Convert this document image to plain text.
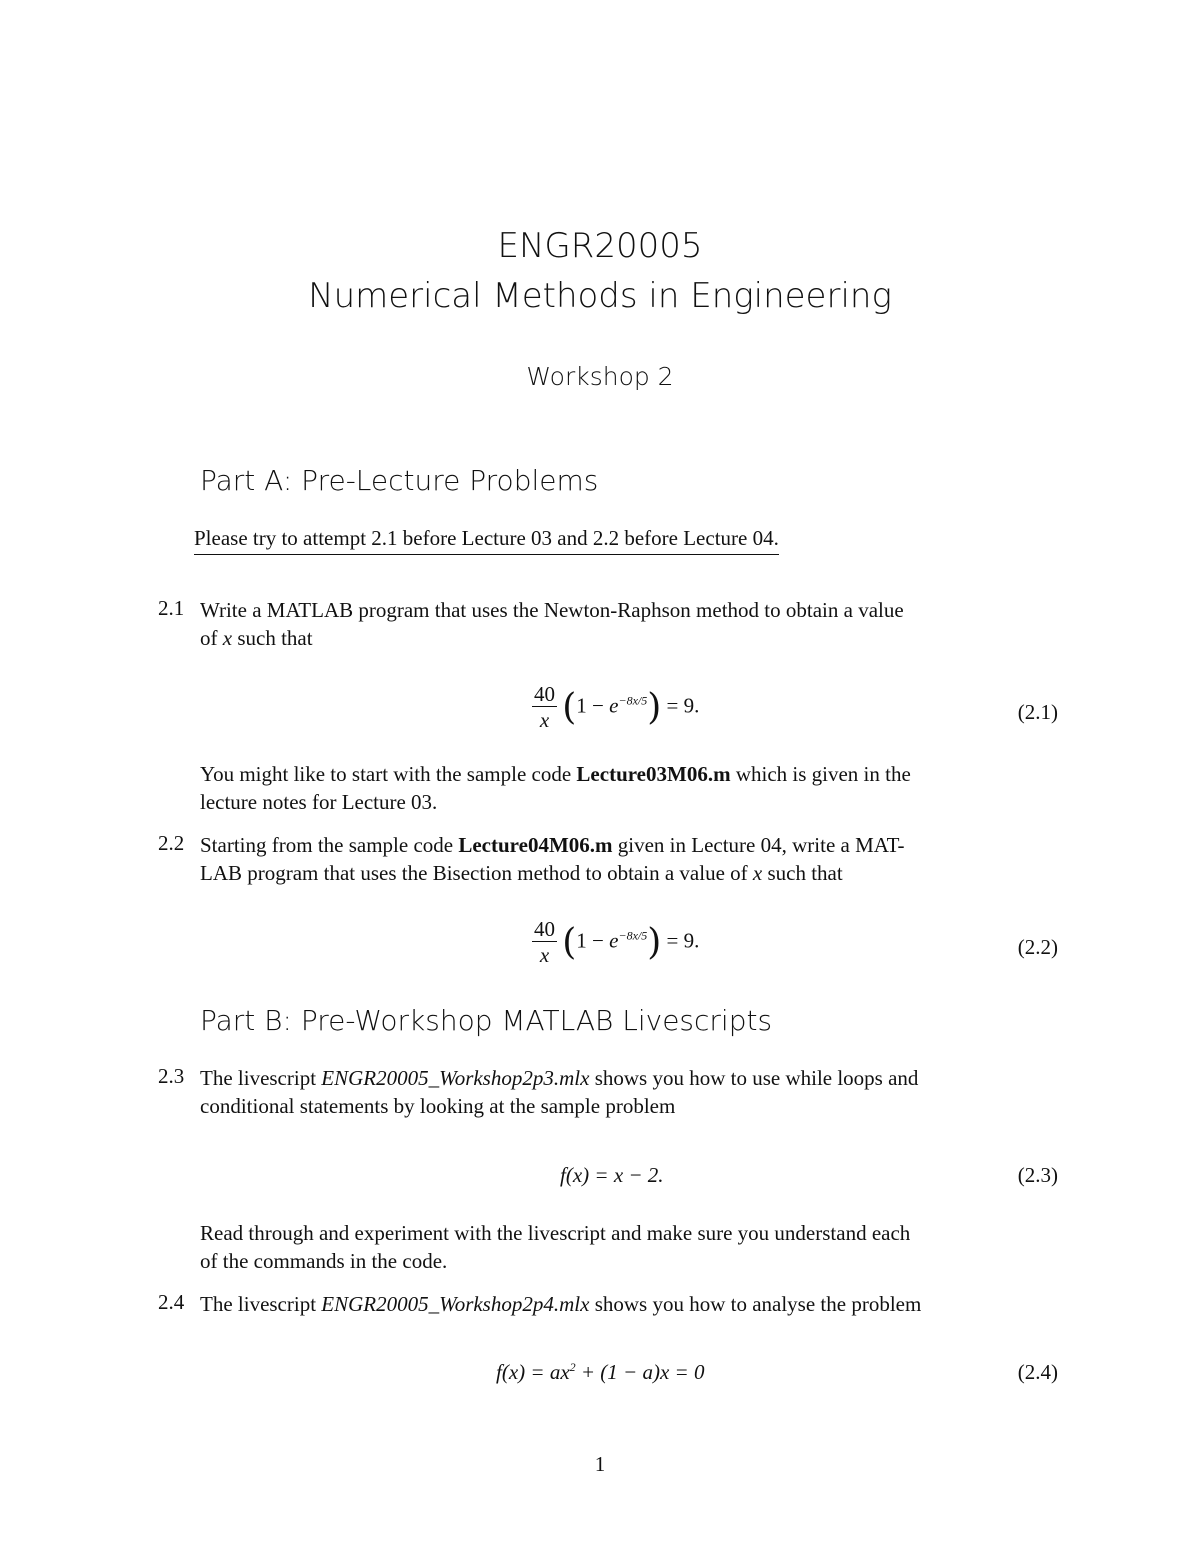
ENGR20005
Numerical Methods in Engineering
Workshop 2
Part A: Pre-Lecture Problems
Please try to attempt 2.1 before Lecture 03 and 2.2 before Lecture 04.
2.1 Write a MATLAB program that uses the Newton-Raphson method to obtain a value
of x such that
$\frac{40}{x} (1 - e^{-8x/5}) = 9$.	(2.1)
You might like to start with the sample code Lecture03M06.m which is given in the
lecture notes for Lecture 03.
2.2 Starting from the sample code Lecture04M06.m given in Lecture 04, write a MAT-
LAB program that uses the Bisection method to obtain a value of x such that
$\frac{40}{x} (1 - e^{-8x/5}) = 9$.	(2.2)
Part B: Pre-Workshop MATLAB Livescripts
2.3 The livescript ENGR20005_Workshop2p3.mlx shows you how to use while loops and
conditional statements by looking at the sample problem
f(x) = x − 2.	(2.3)
Read through and experiment with the livescript and make sure you understand each
of the commands in the code.
2.4 The livescript ENGR20005_Workshop2p4.mlx shows you how to analyse the problem
$f(x) = ax^2 + (1 - a)x = 0$	(2.4)
1
